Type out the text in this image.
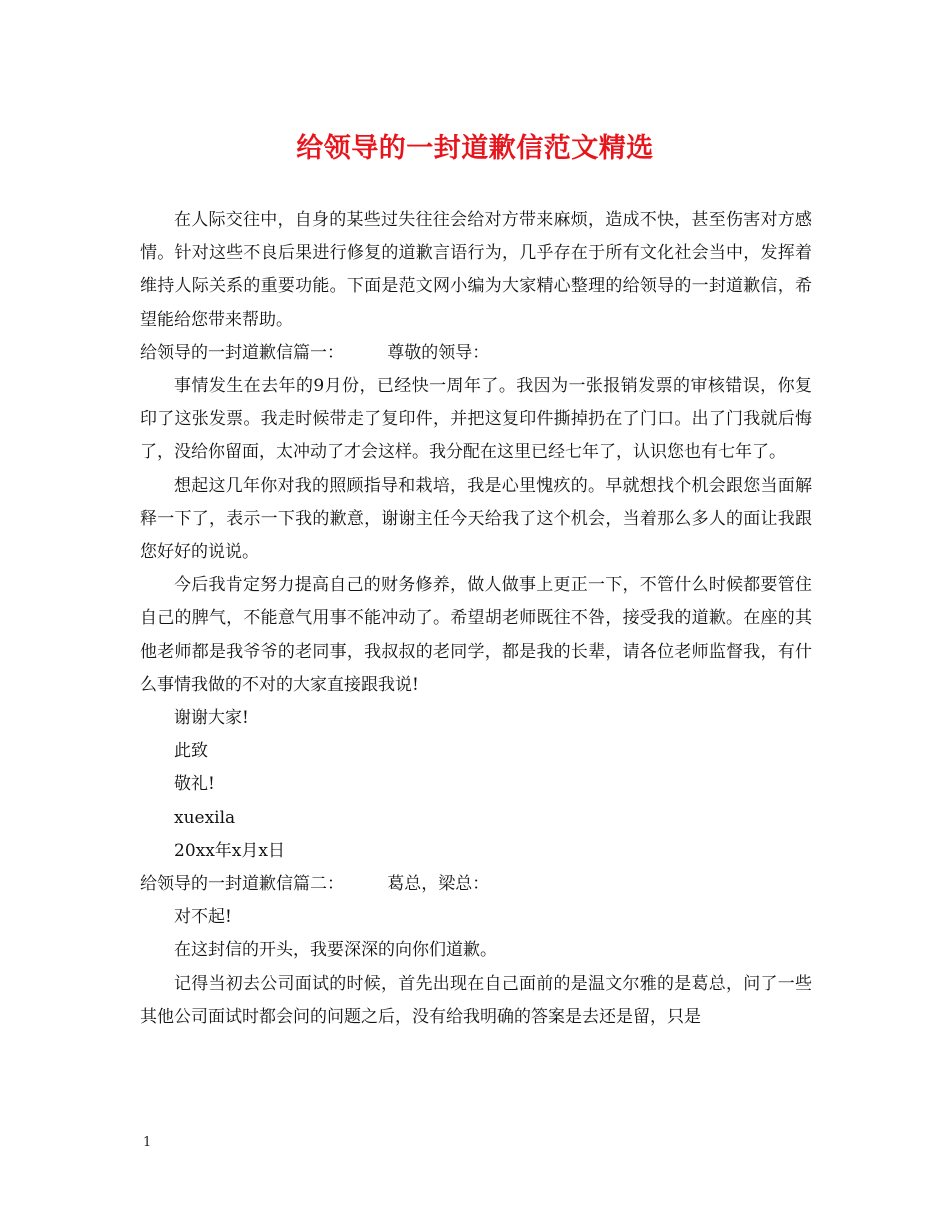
给领导的一封道歉信范文精选

在人际交往中，自身的某些过失往往会给对方带来麻烦，造成不快，甚至伤害对方感情。针对这些不良后果进行修复的道歉言语行为，几乎存在于所有文化社会当中，发挥着维持人际关系的重要功能。下面是范文网小编为大家精心整理的给领导的一封道歉信，希望能给您带来帮助。

给领导的一封道歉信篇一：        尊敬的领导：

事情发生在去年的9月份，已经快一周年了。我因为一张报销发票的审核错误，你复印了这张发票。我走时候带走了复印件，并把这复印件撕掉扔在了门口。出了门我就后悔了，没给你留面，太冲动了才会这样。我分配在这里已经七年了，认识您也有七年了。

想起这几年你对我的照顾指导和栽培，我是心里愧疚的。早就想找个机会跟您当面解释一下了，表示一下我的歉意，谢谢主任今天给我了这个机会，当着那么多人的面让我跟您好好的说说。

今后我肯定努力提高自己的财务修养，做人做事上更正一下，不管什么时候都要管住自己的脾气，不能意气用事不能冲动了。希望胡老师既往不咎，接受我的道歉。在座的其他老师都是我爷爷的老同事，我叔叔的老同学，都是我的长辈，请各位老师监督我，有什么事情我做的不对的大家直接跟我说!

谢谢大家!

此致

敬礼!

xuexila

20xx年x月x日

给领导的一封道歉信篇二：        葛总，梁总：

对不起!

在这封信的开头，我要深深的向你们道歉。

记得当初去公司面试的时候，首先出现在自己面前的是温文尔雅的是葛总，问了一些其他公司面试时都会问的问题之后，没有给我明确的答案是去还是留，只是

1
